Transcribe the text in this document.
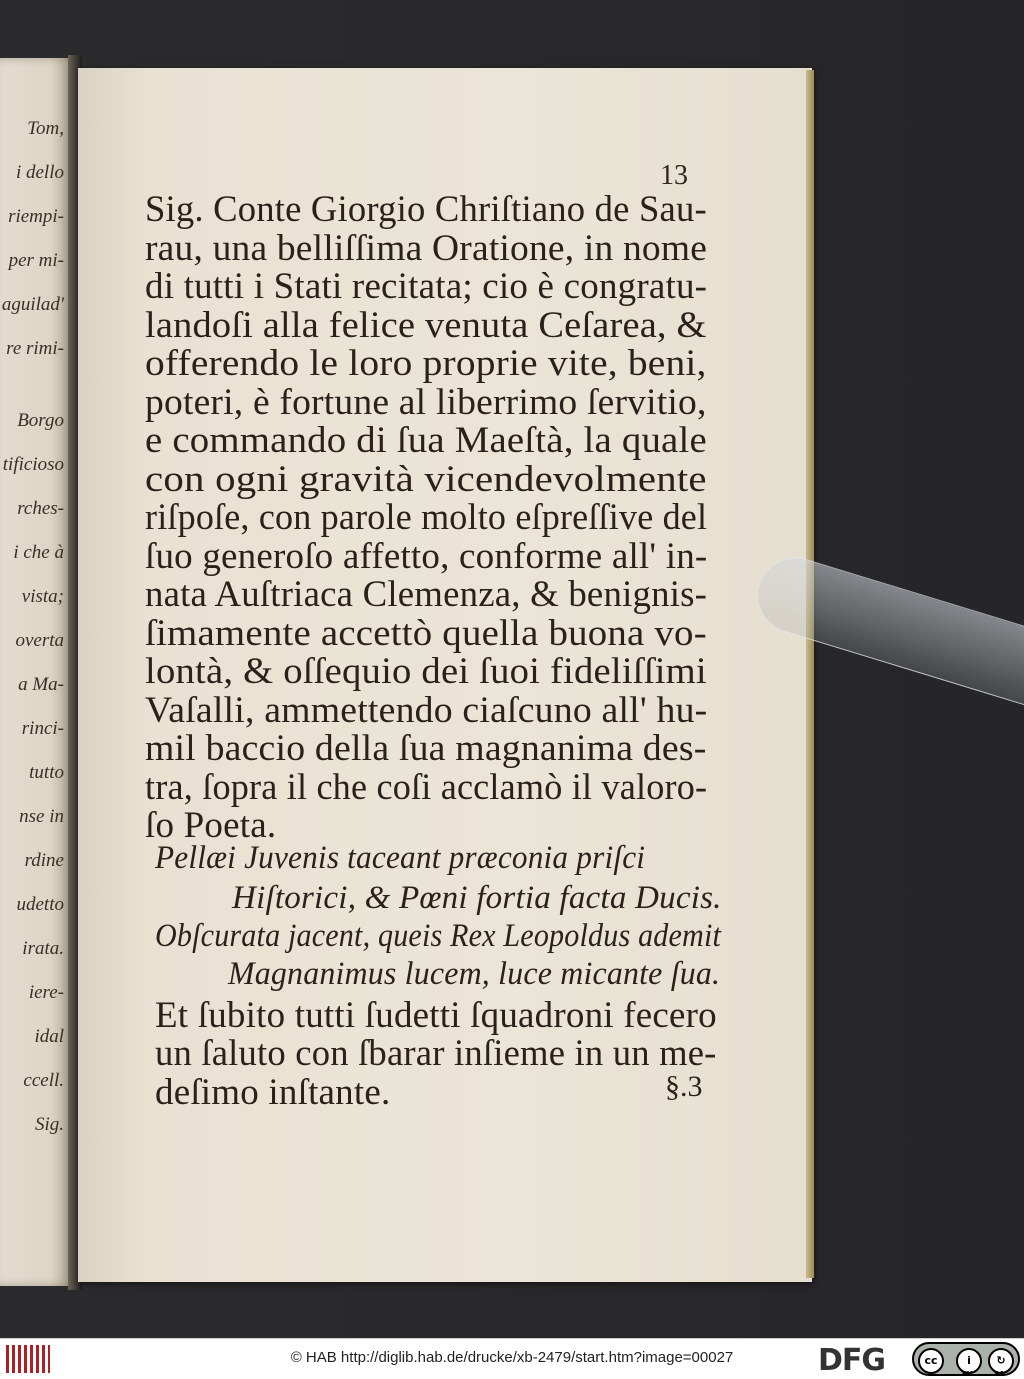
Tom,
i dello
riempi-
per mi-
aguilad'
re rimi-
Borgo
tificioso
rches-
i che à
vista;
overta
a Ma-
rinci-
tutto
nse in
rdine
udetto
irata.
iere-
idal
ccell.
Sig.
13
Sig. Conte Giorgio Chriſtiano de Sau-
rau, una belliſſima Oratione, in nome
di tutti i Stati recitata; cio è congratu-
landoſi alla felice venuta Ceſarea, &
offerendo le loro proprie vite, beni,
poteri, è fortune al liberrimo ſervitio,
e commando di ſua Maeſtà, la quale
con ogni gravità vicendevolmente
riſpoſe, con parole molto eſpreſſive del
ſuo generoſo affetto, conforme all' in-
nata Auſtriaca Clemenza, & benignis-
ſimamente accettò quella buona vo-
lontà, & oſſequio dei ſuoi fideliſſimi
Vaſalli, ammettendo ciaſcuno all' hu-
mil baccio della ſua magnanima des-
tra, ſopra il che coſi acclamò il valoro-
ſo Poeta.
Pellæi Juvenis taceant præconia priſci
Hiſtorici, & Pœni fortia facta Ducis.
Obſcurata jacent, queis Rex Leopoldus ademit
Magnanimus lucem, luce micante ſua.
Et ſubito tutti ſudetti ſquadroni fecero
un ſaluto con ſbarar inſieme in un me-
deſimo inſtante.	§.3
© HAB http://diglib.hab.de/drucke/xb-2479/start.htm?image=00027	DFG	cc	i	↻
BY	SA
